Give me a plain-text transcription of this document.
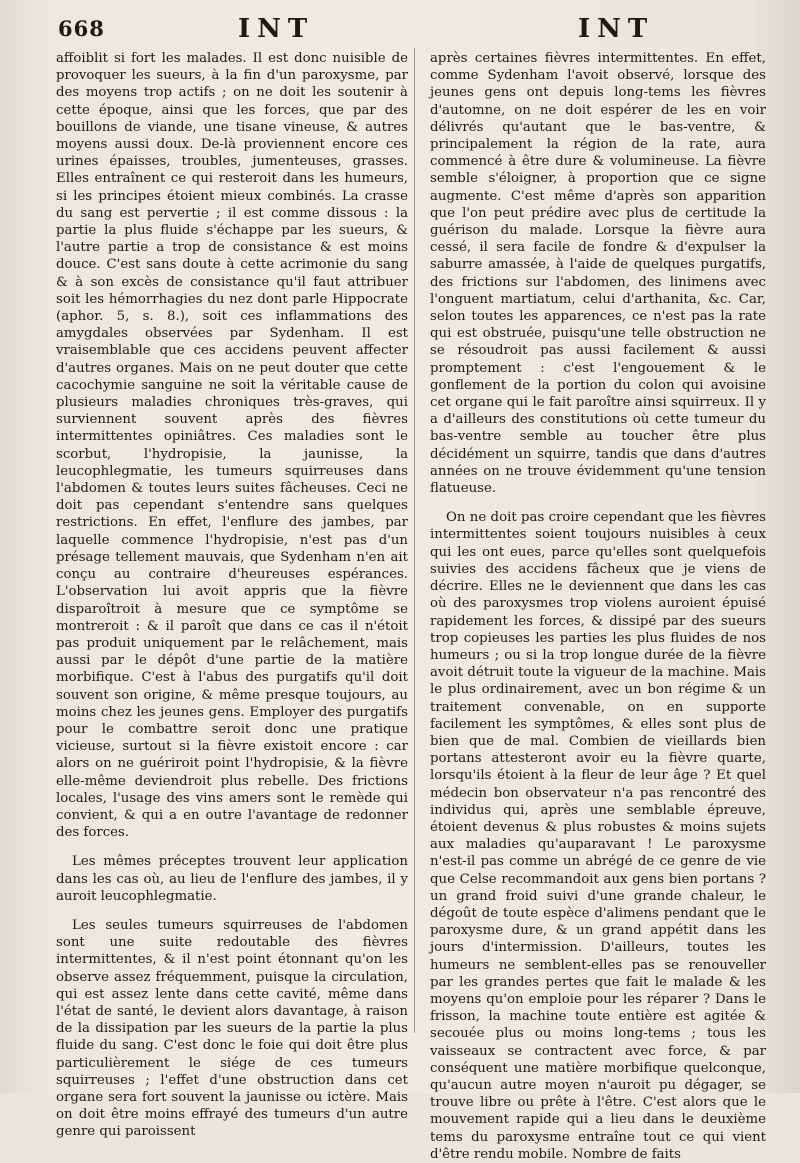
668	INT	INT

affoiblit si fort les malades. Il est donc nuisible de provoquer les sueurs, à la fin d'un paroxysme, par des moyens trop actifs ; on ne doit les soutenir à cette époque, ainsi que les forces, que par des bouillons de viande, une tisane vineuse, & autres moyens aussi doux. De-là proviennent encore ces urines épaisses, troubles, jumenteuses, grasses. Elles entraînent ce qui resteroit dans les humeurs, si les principes étoient mieux combinés. La crasse du sang est pervertie ; il est comme dissous : la partie la plus fluide s'échappe par les sueurs, & l'autre partie a trop de consistance & est moins douce. C'est sans doute à cette acrimonie du sang & à son excès de consistance qu'il faut attribuer soit les hémorrhagies du nez dont parle Hippocrate (aphor. 5, s. 8.), soit ces inflammations des amygdales observées par Sydenham. Il est vraisemblable que ces accidens peuvent affecter d'autres organes. Mais on ne peut douter que cette cacochymie sanguine ne soit la véritable cause de plusieurs maladies chroniques très-graves, qui surviennent souvent après des fièvres intermittentes opiniâtres. Ces maladies sont le scorbut, l'hydropisie, la jaunisse, la leucophlegmatie, les tumeurs squirreuses dans l'abdomen & toutes leurs suites fâcheuses. Ceci ne doit pas cependant s'entendre sans quelques restrictions. En effet, l'enflure des jambes, par laquelle commence l'hydropisie, n'est pas d'un présage tellement mauvais, que Sydenham n'en ait conçu au contraire d'heureuses espérances. L'observation lui avoit appris que la fièvre disparoîtroit à mesure que ce symptôme se montreroit : & il paroît que dans ce cas il n'étoit pas produit uniquement par le relâchement, mais aussi par le dépôt d'une partie de la matière morbifique. C'est à l'abus des purgatifs qu'il doit souvent son origine, & même presque toujours, au moins chez les jeunes gens. Employer des purgatifs pour le combattre seroit donc une pratique vicieuse, surtout si la fièvre existoit encore : car alors on ne guériroit point l'hydropisie, & la fièvre elle-même deviendroit plus rebelle. Des frictions locales, l'usage des vins amers sont le remède qui convient, & qui a en outre l'avantage de redonner des forces.

Les mêmes préceptes trouvent leur application dans les cas où, au lieu de l'enflure des jambes, il y auroit leucophlegmatie.

Les seules tumeurs squirreuses de l'abdomen sont une suite redoutable des fièvres intermittentes, & il n'est point étonnant qu'on les observe assez fréquemment, puisque la circulation, qui est assez lente dans cette cavité, même dans l'état de santé, le devient alors davantage, à raison de la dissipation par les sueurs de la partie la plus fluide du sang. C'est donc le foie qui doit être plus particulièrement le siége de ces tumeurs squirreuses ; l'effet d'une obstruction dans cet organe sera fort souvent la jaunisse ou ictère. Mais on doit être moins effrayé des tumeurs d'un autre genre qui paroissent

après certaines fièvres intermittentes. En effet, comme Sydenham l'avoit observé, lorsque des jeunes gens ont depuis long-tems les fièvres d'automne, on ne doit espérer de les en voir délivrés qu'autant que le bas-ventre, & principalement la région de la rate, aura commencé à être dure & volumineuse. La fièvre semble s'éloigner, à proportion que ce signe augmente. C'est même d'après son apparition que l'on peut prédire avec plus de certitude la guérison du malade. Lorsque la fièvre aura cessé, il sera facile de fondre & d'expulser la saburre amassée, à l'aide de quelques purgatifs, des frictions sur l'abdomen, des linimens avec l'onguent martiatum, celui d'arthanita, &c. Car, selon toutes les apparences, ce n'est pas la rate qui est obstruée, puisqu'une telle obstruction ne se résoudroit pas aussi facilement & aussi promptement : c'est l'engouement & le gonflement de la portion du colon qui avoisine cet organe qui le fait paroître ainsi squirreux. Il y a d'ailleurs des constitutions où cette tumeur du bas-ventre semble au toucher être plus décidément un squirre, tandis que dans d'autres années on ne trouve évidemment qu'une tension flatueuse.

On ne doit pas croire cependant que les fièvres intermittentes soient toujours nuisibles à ceux qui les ont eues, parce qu'elles sont quelquefois suivies des accidens fâcheux que je viens de décrire. Elles ne le deviennent que dans les cas où des paroxysmes trop violens auroient épuisé rapidement les forces, & dissipé par des sueurs trop copieuses les parties les plus fluides de nos humeurs ; ou si la trop longue durée de la fièvre avoit détruit toute la vigueur de la machine. Mais le plus ordinairement, avec un bon régime & un traitement convenable, on en supporte facilement les symptômes, & elles sont plus de bien que de mal. Combien de vieillards bien portans attesteront avoir eu la fièvre quarte, lorsqu'ils étoient à la fleur de leur âge ? Et quel médecin bon observateur n'a pas rencontré des individus qui, après une semblable épreuve, étoient devenus & plus robustes & moins sujets aux maladies qu'auparavant ! Le paroxysme n'est-il pas comme un abrégé de ce genre de vie que Celse recommandoit aux gens bien portans ? un grand froid suivi d'une grande chaleur, le dégoût de toute espèce d'alimens pendant que le paroxysme dure, & un grand appétit dans les jours d'intermission. D'ailleurs, toutes les humeurs ne semblent-elles pas se renouveller par les grandes pertes que fait le malade & les moyens qu'on emploie pour les réparer ? Dans le frisson, la machine toute entière est agitée & secouée plus ou moins long-tems ; tous les vaisseaux se contractent avec force, & par conséquent une matière morbifique quelconque, qu'aucun autre moyen n'auroit pu dégager, se trouve libre ou prête à l'être. C'est alors que le mouvement rapide qui a lieu dans le deuxième tems du paroxysme entraîne tout ce qui vient d'être rendu mobile. Nombre de faits
